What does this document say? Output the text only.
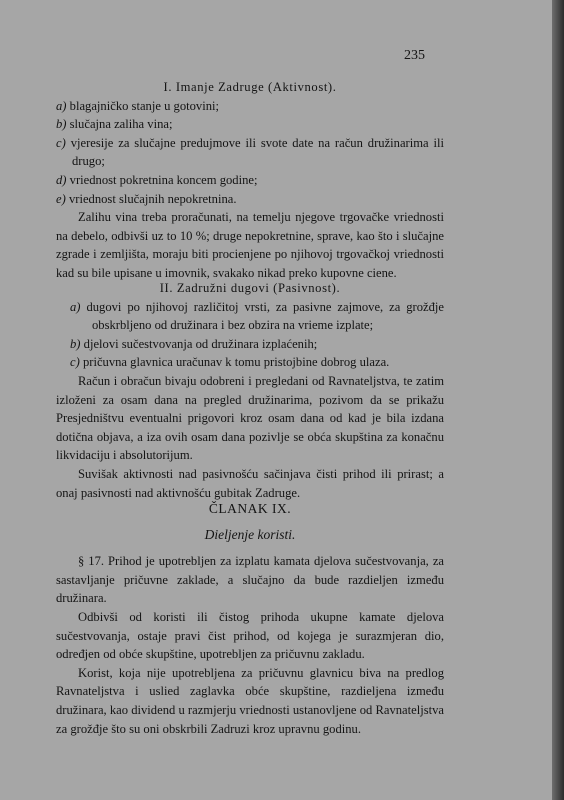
235
I. Imanje Zadruge (Aktivnost).
a) blagajničko stanje u gotovini;
b) slučajna zaliha vina;
c) vjeresije za slučajne predujmove ili svote date na račun družinarima ili drugo;
d) vriednost pokretnina koncem godine;
e) vriednost slučajnih nepokretnina.
Zalihu vina treba proračunati, na temelju njegove trgovačke vriednosti na debelo, odbivši uz to 10 %; druge nepokretnine, sprave, kao što i slučajne zgrade i zemljišta, moraju biti procienjene po njihovoj trgovačkoj vriednosti kad su bile upisane u imovnik, svakako nikad preko kupovne ciene.
II. Zadružni dugovi (Pasivnost).
a) dugovi po njihovoj različitoj vrsti, za pasivne zajmove, za grožđje obskrbljeno od družinara i bez obzira na vrieme izplate;
b) djelovi sučestvovanja od družinara izplaćenih;
c) pričuvna glavnica uračunav k tomu pristojbine dobrog ulaza.
Račun i obračun bivaju odobreni i pregledani od Ravnateljstva, te zatim izloženi za osam dana na pregled družinarima, pozivom da se prikažu Presjedništvu eventualni prigovori kroz osam dana od kad je bila izdana dotična objava, a iza ovih osam dana pozivlje se obća skupština za konačnu likvidaciju i absolutorijum.
Suvišak aktivnosti nad pasivnošću sačinjava čisti prihod ili prirast; a onaj pasivnosti nad aktivnošću gubitak Zadruge.
ČLANAK IX.
Dieljenje koristi.
§ 17. Prihod je upotrebljen za izplatu kamata djelova sučestvovanja, za sastavljanje pričuvne zaklade, a slučajno da bude razdieljen između družinara.
Odbivši od koristi ili čistog prihoda ukupne kamate djelova sučestvovanja, ostaje pravi čist prihod, od kojega je surazmjeran dio, određjen od obće skupštine, upotrebljen za pričuvnu zakladu.
Korist, koja nije upotrebljena za pričuvnu glavnicu biva na predlog Ravnateljstva i uslied zaglavka obće skupštine, razdieljena između družinara, kao dividend u razmjerju vriednosti ustanovljene od Ravnateljstva za grožđje što su oni obskrbili Zadruzi kroz upravnu godinu.
